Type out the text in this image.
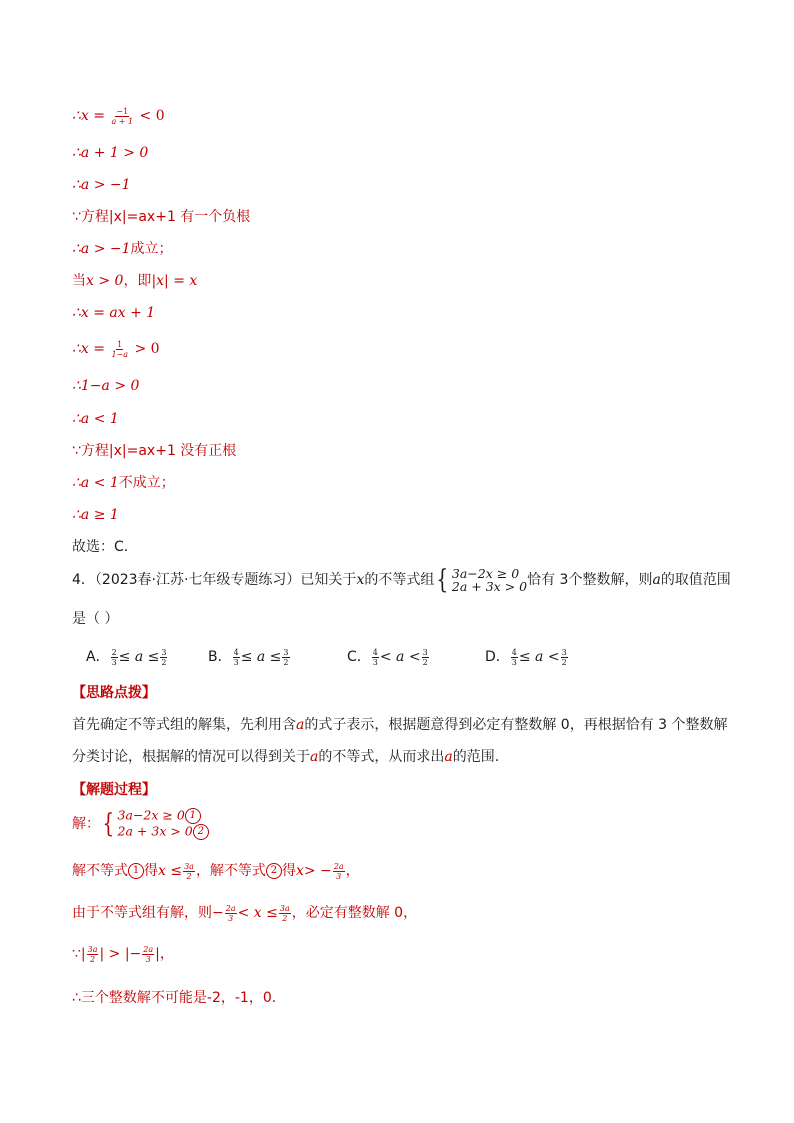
∴x = $\frac{-1}{a + 1} < 0$
∴a + 1 > 0
∴a > −1
∵方程|x|=ax+1 有一个负根
∴a > −1成立；
当x > 0，即|x| = x
∴x = ax + 1
∴x = $\frac{1}{1-a} > 0$
∴1−a > 0
∴a < 1
∵方程|x|=ax+1 没有正根
∴a < 1不成立；
∴a ≥ 1
故选：C.
4．（2023春·江苏·七年级专题练习）已知关于x的不等式组 { 3a−2x ≥ 0
2a + 3x > 0 恰有 3个整数解，则a的取值范围
是（ ）
A． $\frac{2}{3} \le a \le \frac{3}{2}$	B． $\frac{4}{3} \le a \le \frac{3}{2}$	C． $\frac{4}{3} < a < \frac{3}{2}$	D． $\frac{4}{3} \le a < \frac{3}{2}$
【思路点拨】
首先确定不等式组的解集，先利用含a的式子表示，根据题意得到必定有整数解 0，再根据恰有 3 个整数解
分类讨论，根据解的情况可以得到关于a的不等式，从而求出a的范围.
【解题过程】
解： { 3a−2x ≥ 0 1
2a + 3x > 0 2
解不等式 1 得$x \le \frac{3a}{2}$ ，解不等式 2 得$x> - \frac{2a}{3}$ ，
由于不等式组有解，则− $\frac{2a}{3} < x \le \frac{3a}{2}$ ，必定有整数解 0，
∵| $\frac{3a}{2}$ | > |− $\frac{2a}{3}$ |，
∴三个整数解不可能是-2，-1，0.
